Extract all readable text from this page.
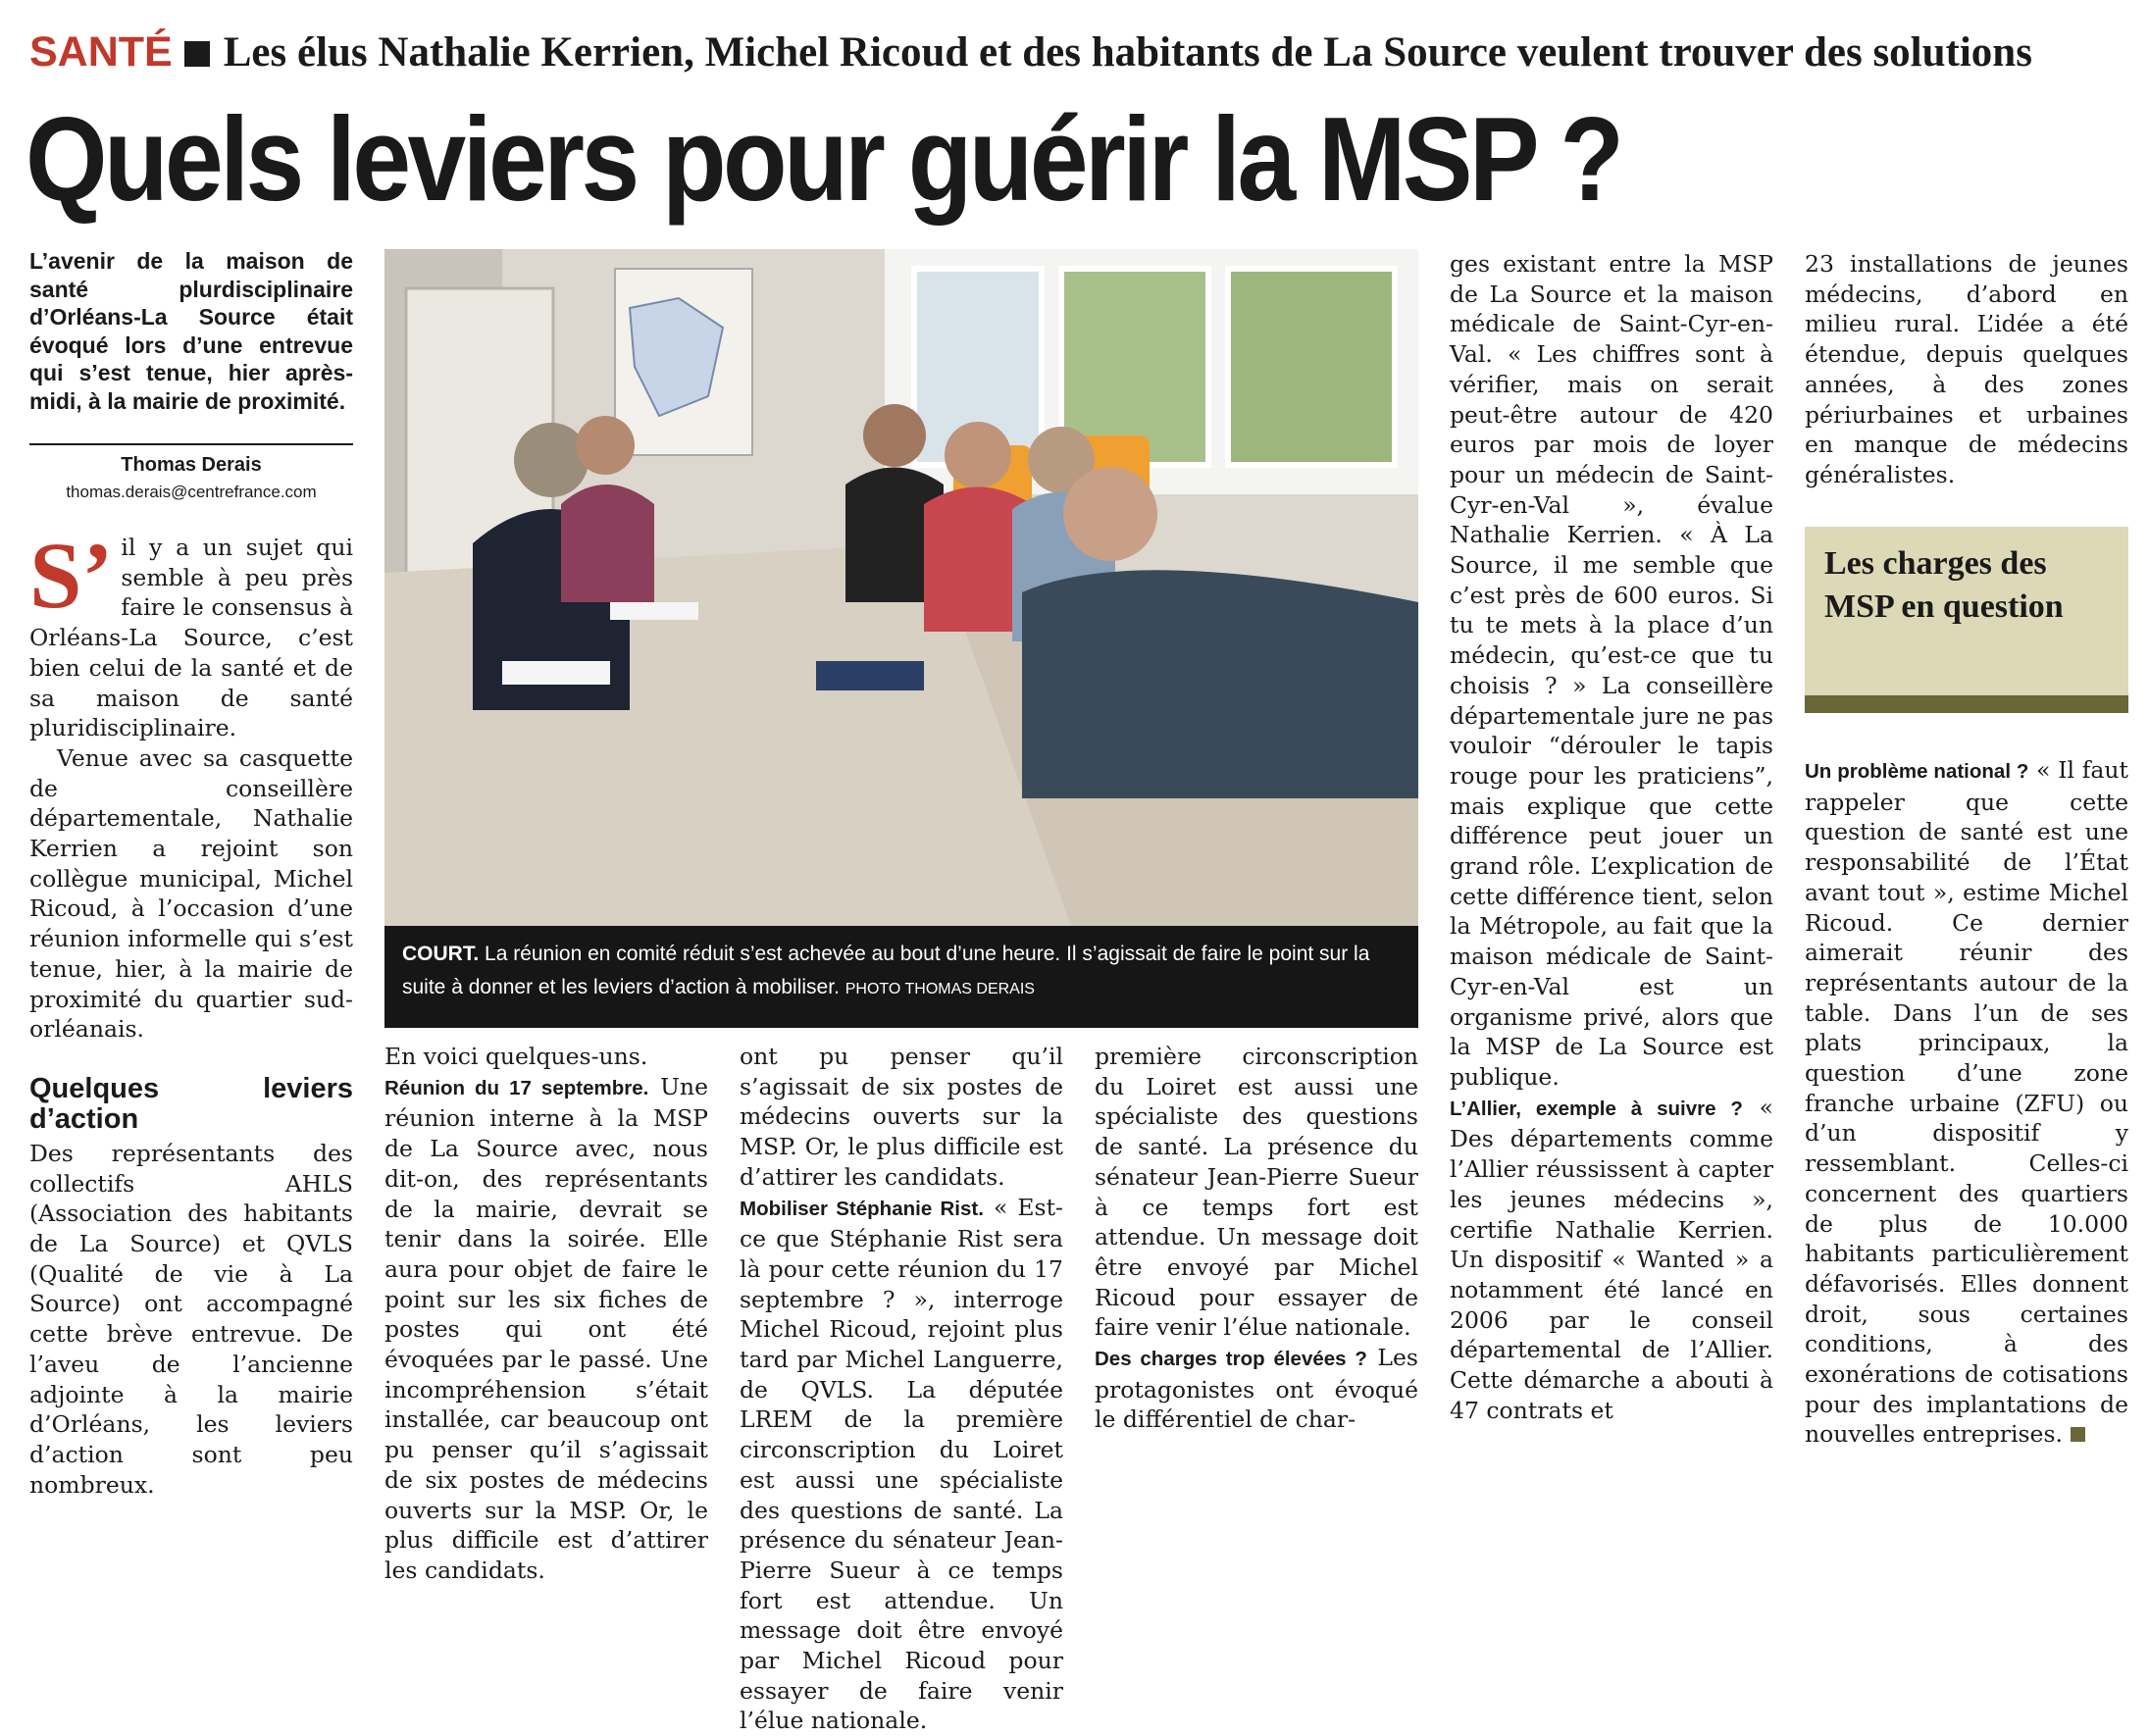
SANTÉ Les élus Nathalie Kerrien, Michel Ricoud et des habitants de La Source veulent trouver des solutions
Quels leviers pour guérir la MSP ?
L’avenir de la maison de santé plurdisciplinaire d’Orléans-La Source était évoqué lors d’une entrevue qui s’est tenue, hier après-midi, à la mairie de proximité.
Thomas Derais
thomas.derais@centrefrance.com

S’ il y a un sujet qui semble à peu près faire le consensus à Orléans-La Source, c’est bien celui de la santé et de sa maison de santé pluridisciplinaire.

Venue avec sa casquette de conseillère départementale, Nathalie Kerrien a rejoint son collègue municipal, Michel Ricoud, à l’occasion d’une réunion informelle qui s’est tenue, hier, à la mairie de proximité du quartier sud-orléanais.

Quelques leviers d’action

Des représentants des collectifs AHLS (Association des habitants de La Source) et QVLS (Qualité de vie à La Source) ont accompagné cette brève entrevue. De l’aveu de l’ancienne adjointe à la mairie d’Orléans, les leviers d’action sont peu nombreux.

COURT. La réunion en comité réduit s’est achevée au bout d’une heure. Il s’agissait de faire le point sur la suite à donner et les leviers d’action à mobiliser. PHOTO THOMAS DERAIS

En voici quelques-uns.

Réunion du 17 septembre. Une réunion interne à la MSP de La Source avec, nous dit-on, des représentants de la mairie, devrait se tenir dans la soirée. Elle aura pour objet de faire le point sur les six fiches de postes qui ont été évoquées par le passé. Une incompréhension s’était installée, car beaucoup ont pu penser qu’il s’agissait de six postes de médecins ouverts sur la MSP. Or, le plus difficile est d’attirer les candidats.

ont pu penser qu’il s’agissait de six postes de médecins ouverts sur la MSP. Or, le plus difficile est d’attirer les candidats.

Mobiliser Stéphanie Rist. « Est-ce que Stéphanie Rist sera là pour cette réunion du 17 septembre ? », interroge Michel Ricoud, rejoint plus tard par Michel Languerre, de QVLS. La députée LREM de la première circonscription du Loiret est aussi une spécialiste des questions de santé. La présence du sénateur Jean-Pierre Sueur à ce temps fort est attendue. Un message doit être envoyé par Michel Ricoud pour essayer de faire venir l’élue nationale.

première circonscription du Loiret est aussi une spécialiste des questions de santé. La présence du sénateur Jean-Pierre Sueur à ce temps fort est attendue. Un message doit être envoyé par Michel Ricoud pour essayer de faire venir l’élue nationale.

Des charges trop élevées ? Les protagonistes ont évoqué le différentiel de char-

ges existant entre la MSP de La Source et la maison médicale de Saint-Cyr-en-Val. « Les chiffres sont à vérifier, mais on serait peut-être autour de 420 euros par mois de loyer pour un médecin de Saint-Cyr-en-Val », évalue Nathalie Kerrien. « À La Source, il me semble que c’est près de 600 euros. Si tu te mets à la place d’un médecin, qu’est-ce que tu choisis ? » La conseillère départementale jure ne pas vouloir “dérouler le tapis rouge pour les praticiens”, mais explique que cette différence peut jouer un grand rôle. L’explication de cette différence tient, selon la Métropole, au fait que la maison médicale de Saint-Cyr-en-Val est un organisme privé, alors que la MSP de La Source est publique.

L’Allier, exemple à suivre ? « Des départements comme l’Allier réussissent à capter les jeunes médecins », certifie Nathalie Kerrien. Un dispositif « Wanted » a notamment été lancé en 2006 par le conseil départemental de l’Allier. Cette démarche a abouti à 47 contrats et

23 installations de jeunes médecins, d’abord en milieu rural. L’idée a été étendue, depuis quelques années, à des zones périurbaines et urbaines en manque de médecins généralistes.

Les charges des MSP en question

Un problème national ? « Il faut rappeler que cette question de santé est une responsabilité de l’État avant tout », estime Michel Ricoud. Ce dernier aimerait réunir des représentants autour de la table. Dans l’un de ses plats principaux, la question d’une zone franche urbaine (ZFU) ou d’un dispositif y ressemblant. Celles-ci concernent des quartiers de plus de 10.000 habitants particulièrement défavorisés. Elles donnent droit, sous certaines conditions, à des exonérations de cotisations pour des implantations de nouvelles entreprises.
